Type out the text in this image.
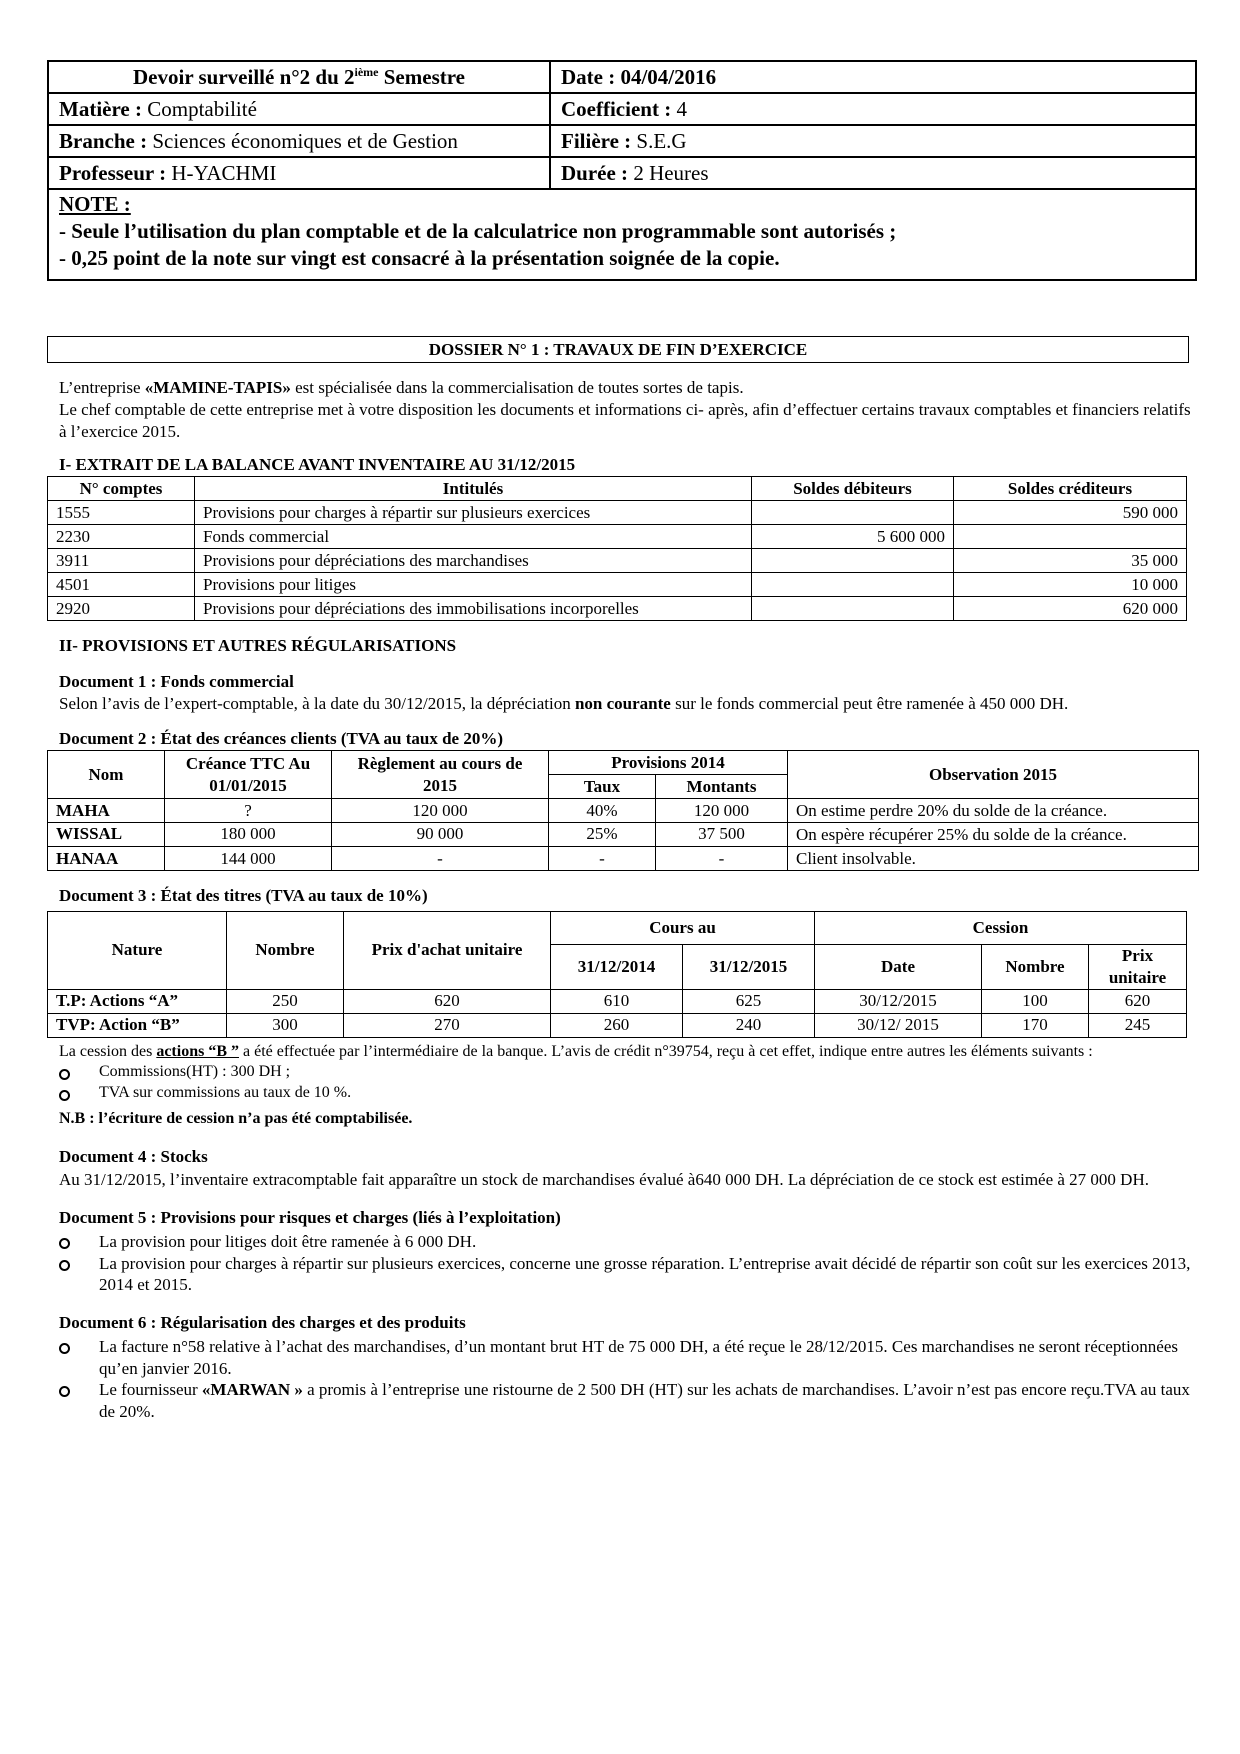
Devoir surveillé n°2 du 2ième Semestre	Date : 04/04/2016
Matière : Comptabilité	Coefficient : 4
Branche : Sciences économiques et de Gestion	Filière : S.E.G
Professeur : H-YACHMI	Durée : 2 Heures
NOTE :
- Seule l’utilisation du plan comptable et de la calculatrice non programmable sont autorisés ;
- 0,25 point de la note sur vingt est consacré à la présentation soignée de la copie.
DOSSIER N° 1 : TRAVAUX DE FIN D’EXERCICE

L’entreprise «MAMINE-TAPIS» est spécialisée dans la commercialisation de toutes sortes de tapis.

Le chef comptable de cette entreprise met à votre disposition les documents et informations ci- après, afin d’effectuer certains travaux comptables et financiers relatifs à l’exercice 2015.

I- EXTRAIT DE LA BALANCE AVANT INVENTAIRE AU 31/12/2015

N° comptes	Intitulés	Soldes débiteurs	Soldes créditeurs
1555	Provisions pour charges à répartir sur plusieurs exercices		590 000
2230	Fonds commercial	5 600 000	
3911	Provisions pour dépréciations des marchandises		35 000
4501	Provisions pour litiges		10 000
2920	Provisions pour dépréciations des immobilisations incorporelles		620 000

II- PROVISIONS ET AUTRES RÉGULARISATIONS

Document 1 : Fonds commercial

Selon l’avis de l’expert-comptable, à la date du 30/12/2015, la dépréciation non courante sur le fonds commercial peut être ramenée à 450 000 DH.

Document 2 : État des créances clients (TVA au taux de 20%)

Nom	Créance TTC Au 01/01/2015	Règlement au cours de 2015	Provisions 2014		Observation 2015
			Taux	Montants	
MAHA	?	120 000	40%	120 000	On estime perdre 20% du solde de la créance.
WISSAL	180 000	90 000	25%	37 500	On espère récupérer 25% du solde de la créance.
HANAA	144 000	-	-	-	Client insolvable.

Document 3 : État des titres (TVA au taux de 10%)

Nature	Nombre	Prix d'achat unitaire	Cours au		Cession		
			31/12/2014	31/12/2015	Date	Nombre	Prix unitaire
T.P: Actions “A”	250	620	610	625	30/12/2015	100	620
TVP: Action “B”	300	270	260	240	30/12/ 2015	170	245

La cession des actions “B ” a été effectuée par l’intermédiaire de la banque. L’avis de crédit n°39754, reçu à cet effet, indique entre autres les éléments suivants :

Commissions(HT) : 300 DH ;
TVA sur commissions au taux de 10 %.

N.B : l’écriture de cession n’a pas été comptabilisée.

Document 4 : Stocks

Au 31/12/2015, l’inventaire extracomptable fait apparaître un stock de marchandises évalué à640 000 DH. La dépréciation de ce stock est estimée à 27 000 DH.

Document 5 : Provisions pour risques et charges (liés à l’exploitation)

La provision pour litiges doit être ramenée à 6 000 DH.
La provision pour charges à répartir sur plusieurs exercices, concerne une grosse réparation. L’entreprise avait décidé de répartir son coût sur les exercices 2013, 2014 et 2015.

Document 6 : Régularisation des charges et des produits

La facture n°58 relative à l’achat des marchandises, d’un montant brut HT de 75 000 DH, a été reçue le 28/12/2015. Ces marchandises ne seront réceptionnées qu’en janvier 2016.
Le fournisseur «MARWAN » a promis à l’entreprise une ristourne de 2 500 DH (HT) sur les achats de marchandises. L’avoir n’est pas encore reçu.TVA au taux de 20%.
